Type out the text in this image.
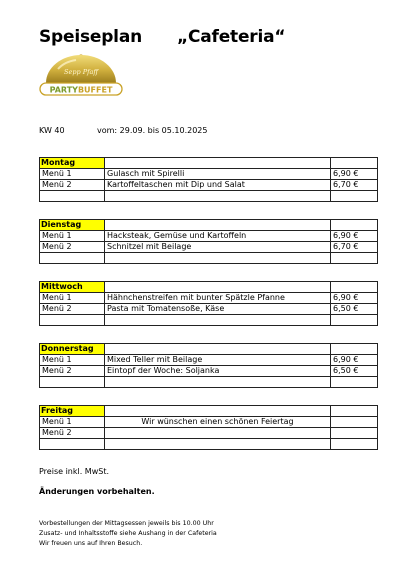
Speiseplan „Cafeteria“
Sepp Pfaff
PARTYBUFFET
KW 40	vom: 29.09. bis 05.10.2025
Montag		
Menü 1	Gulasch mit Spirelli	6,90 €
Menü 2	Kartoffeltaschen mit Dip und Salat	6,70 €

Dienstag		
Menü 1	Hacksteak, Gemüse und Kartoffeln	6,90 €
Menü 2	Schnitzel mit Beilage	6,70 €

Mittwoch		
Menü 1	Hähnchenstreifen mit bunter Spätzle Pfanne	6,90 €
Menü 2	Pasta mit Tomatensoße, Käse	6,50 €

Donnerstag		
Menü 1	Mixed Teller mit Beilage	6,90 €
Menü 2	Eintopf der Woche: Soljanka	6,50 €

Freitag		
Menü 1	Wir wünschen einen schönen Feiertag	
Menü 2		

Preise inkl. MwSt.
Änderungen vorbehalten.
Vorbestellungen der Mittagsessen jeweils bis 10.00 Uhr
Zusatz- und Inhaltsstoffe siehe Aushang in der Cafeteria
Wir freuen uns auf Ihren Besuch.
